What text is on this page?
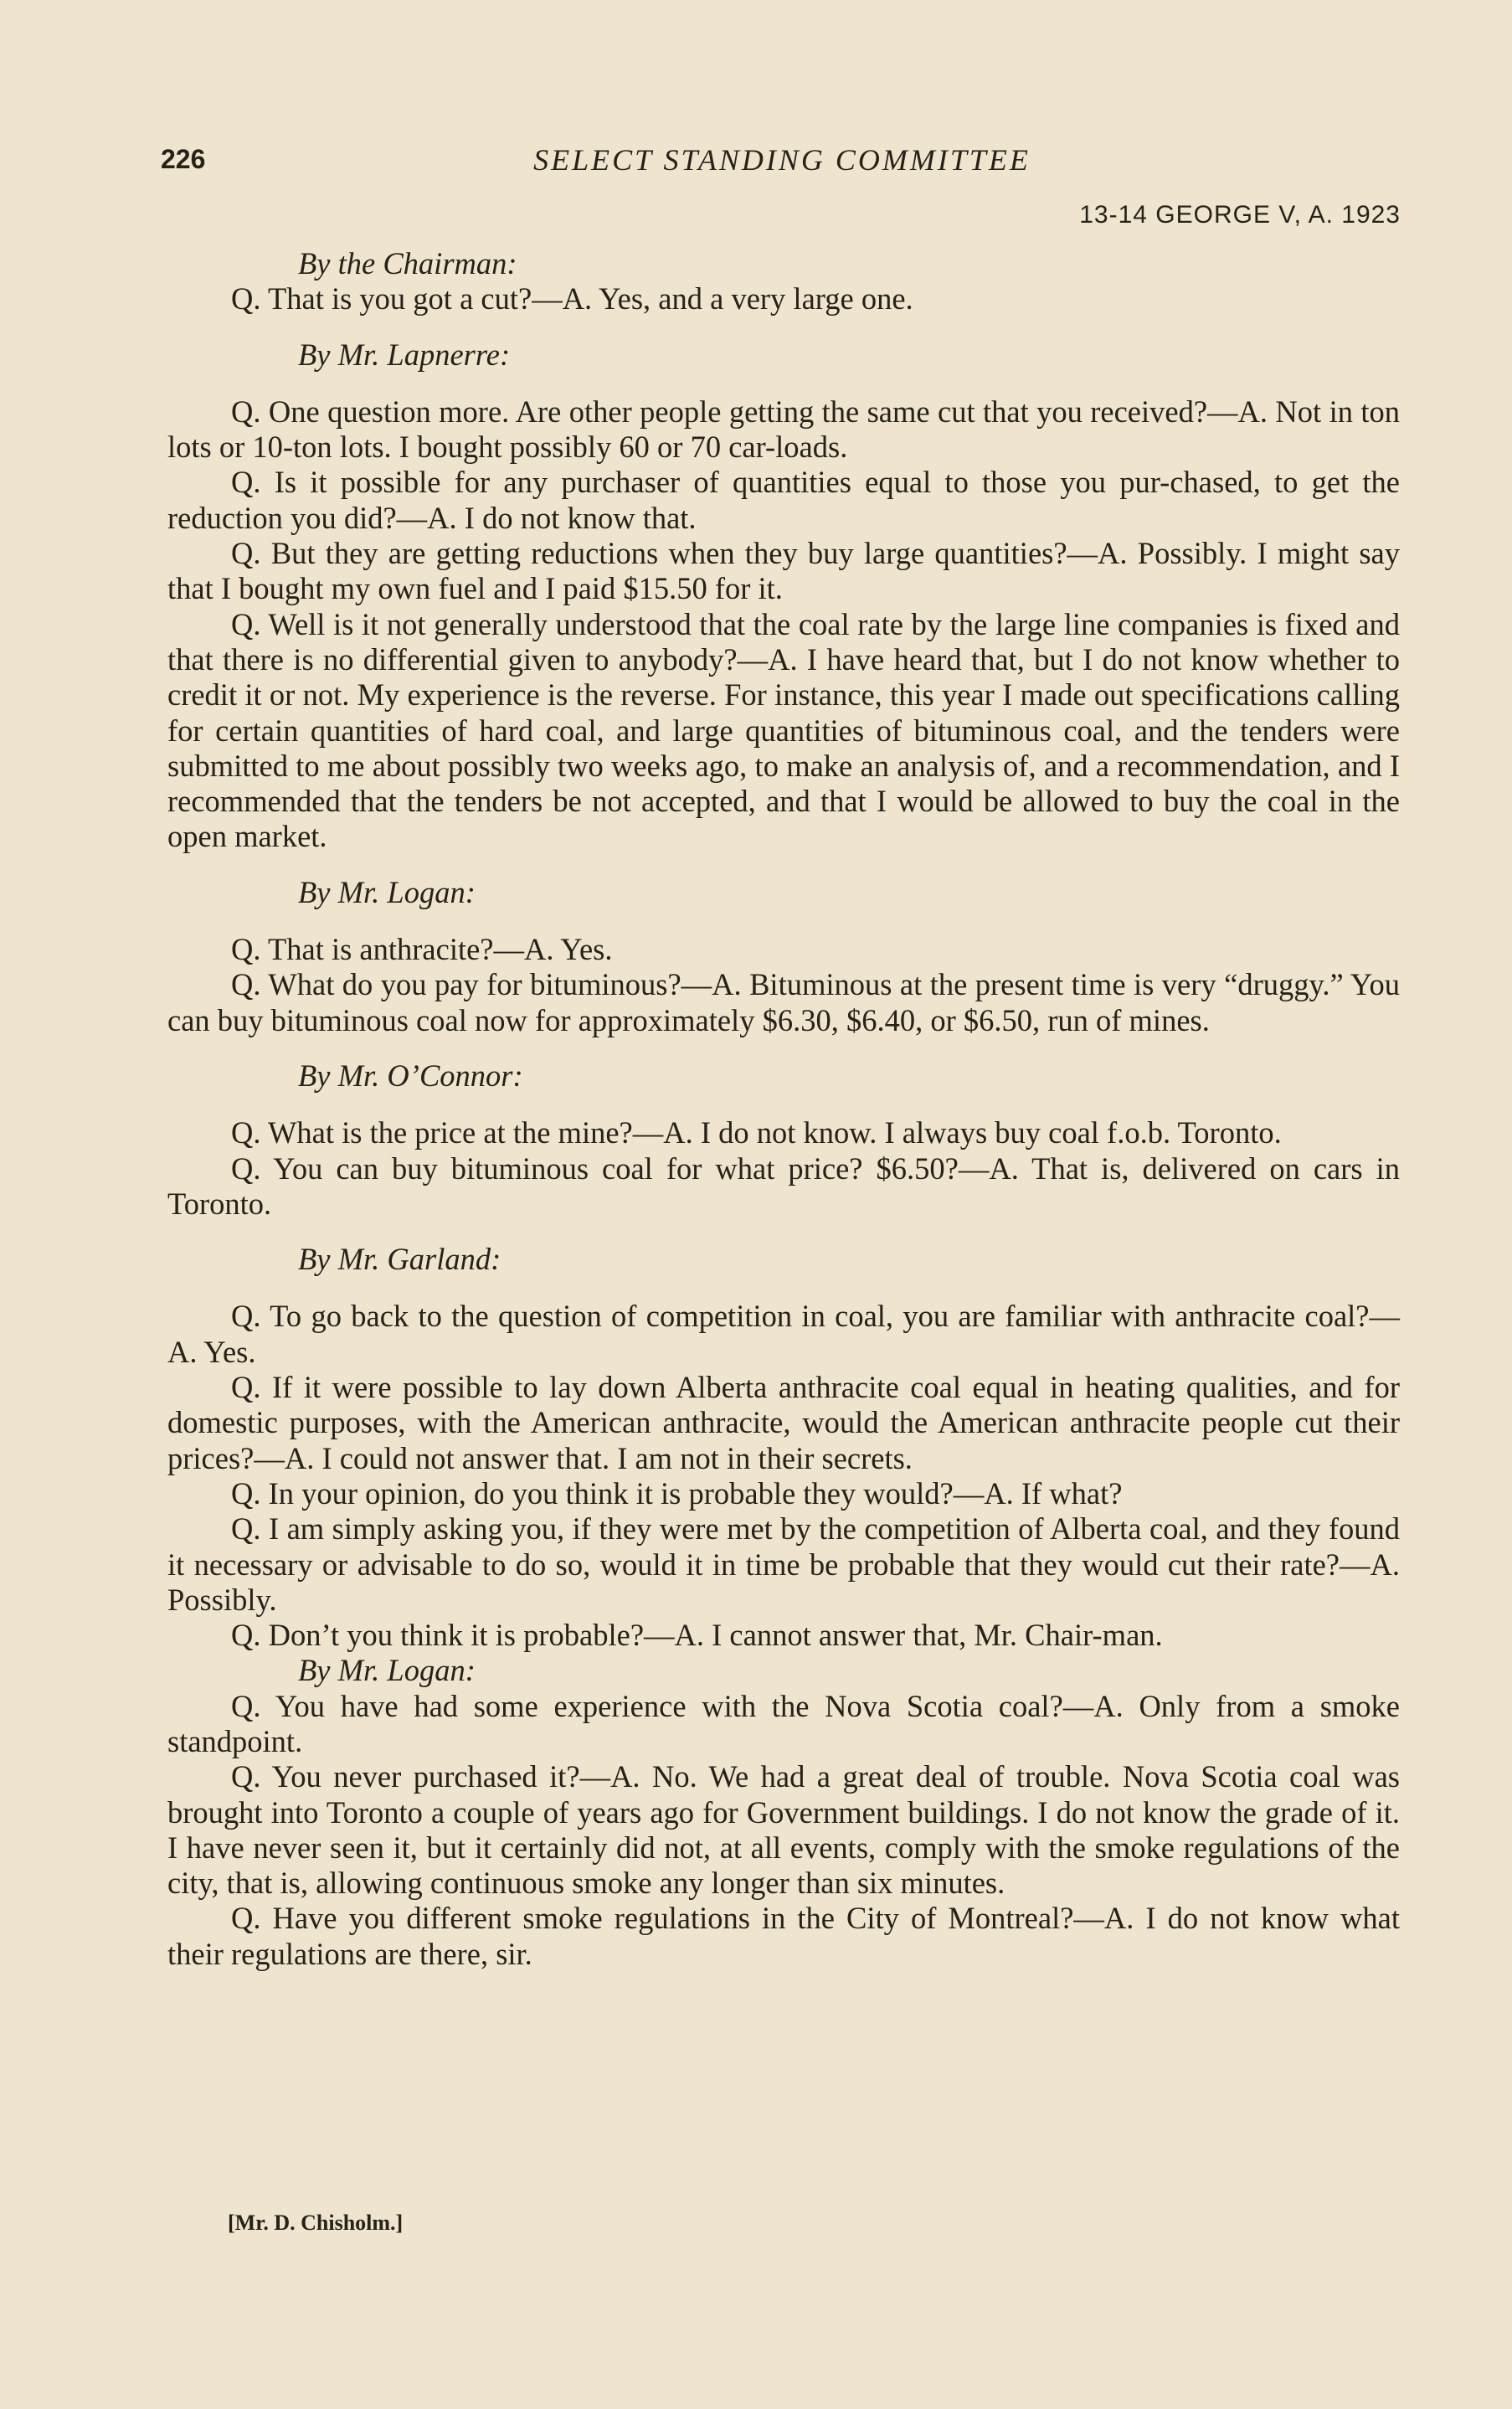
226	SELECT STANDING COMMITTEE
13-14 GEORGE V, A. 1923

By the Chairman:

Q. That is you got a cut?—A. Yes, and a very large one.

By Mr. Lapnerre:

Q. One question more. Are other people getting the same cut that you received?—A. Not in ton lots or 10-ton lots. I bought possibly 60 or 70 car-loads.

Q. Is it possible for any purchaser of quantities equal to those you pur-chased, to get the reduction you did?—A. I do not know that.

Q. But they are getting reductions when they buy large quantities?—A. Possibly. I might say that I bought my own fuel and I paid $15.50 for it.

Q. Well is it not generally understood that the coal rate by the large line companies is fixed and that there is no differential given to anybody?—A. I have heard that, but I do not know whether to credit it or not. My experience is the reverse. For instance, this year I made out specifications calling for certain quantities of hard coal, and large quantities of bituminous coal, and the tenders were submitted to me about possibly two weeks ago, to make an analysis of, and a recommendation, and I recommended that the tenders be not accepted, and that I would be allowed to buy the coal in the open market.

By Mr. Logan:

Q. That is anthracite?—A. Yes.

Q. What do you pay for bituminous?—A. Bituminous at the present time is very “druggy.” You can buy bituminous coal now for approximately $6.30, $6.40, or $6.50, run of mines.

By Mr. O’Connor:

Q. What is the price at the mine?—A. I do not know. I always buy coal f.o.b. Toronto.

Q. You can buy bituminous coal for what price? $6.50?—A. That is, delivered on cars in Toronto.

By Mr. Garland:

Q. To go back to the question of competition in coal, you are familiar with anthracite coal?—A. Yes.

Q. If it were possible to lay down Alberta anthracite coal equal in heating qualities, and for domestic purposes, with the American anthracite, would the American anthracite people cut their prices?—A. I could not answer that. I am not in their secrets.

Q. In your opinion, do you think it is probable they would?—A. If what?

Q. I am simply asking you, if they were met by the competition of Alberta coal, and they found it necessary or advisable to do so, would it in time be probable that they would cut their rate?—A. Possibly.

Q. Don’t you think it is probable?—A. I cannot answer that, Mr. Chair-man.

By Mr. Logan:

Q. You have had some experience with the Nova Scotia coal?—A. Only from a smoke standpoint.

Q. You never purchased it?—A. No. We had a great deal of trouble. Nova Scotia coal was brought into Toronto a couple of years ago for Government buildings. I do not know the grade of it. I have never seen it, but it certainly did not, at all events, comply with the smoke regulations of the city, that is, allowing continuous smoke any longer than six minutes.

Q. Have you different smoke regulations in the City of Montreal?—A. I do not know what their regulations are there, sir.

[Mr. D. Chisholm.]
